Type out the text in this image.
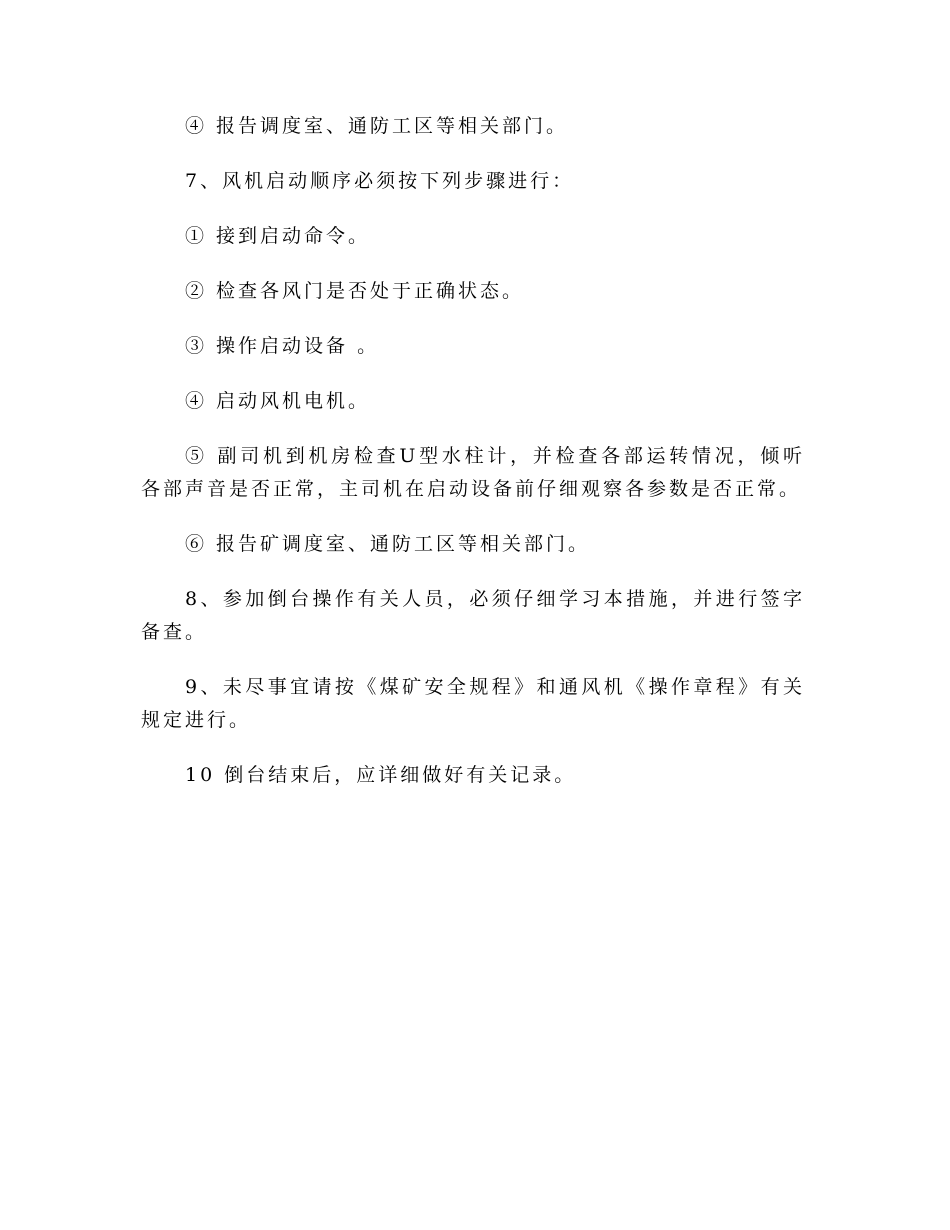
④ 报告调度室、通防工区等相关部门。

7、风机启动顺序必须按下列步骤进行：

① 接到启动命令。

② 检查各风门是否处于正确状态。

③ 操作启动设备 。

④ 启动风机电机。

⑤ 副司机到机房检查U型水柱计，并检查各部运转情况，倾听各部声音是否正常，主司机在启动设备前仔细观察各参数是否正常。

⑥ 报告矿调度室、通防工区等相关部门。

8、参加倒台操作有关人员，必须仔细学习本措施，并进行签字备查。

9、未尽事宜请按《煤矿安全规程》和通风机《操作章程》有关规定进行。

10 倒台结束后，应详细做好有关记录。
